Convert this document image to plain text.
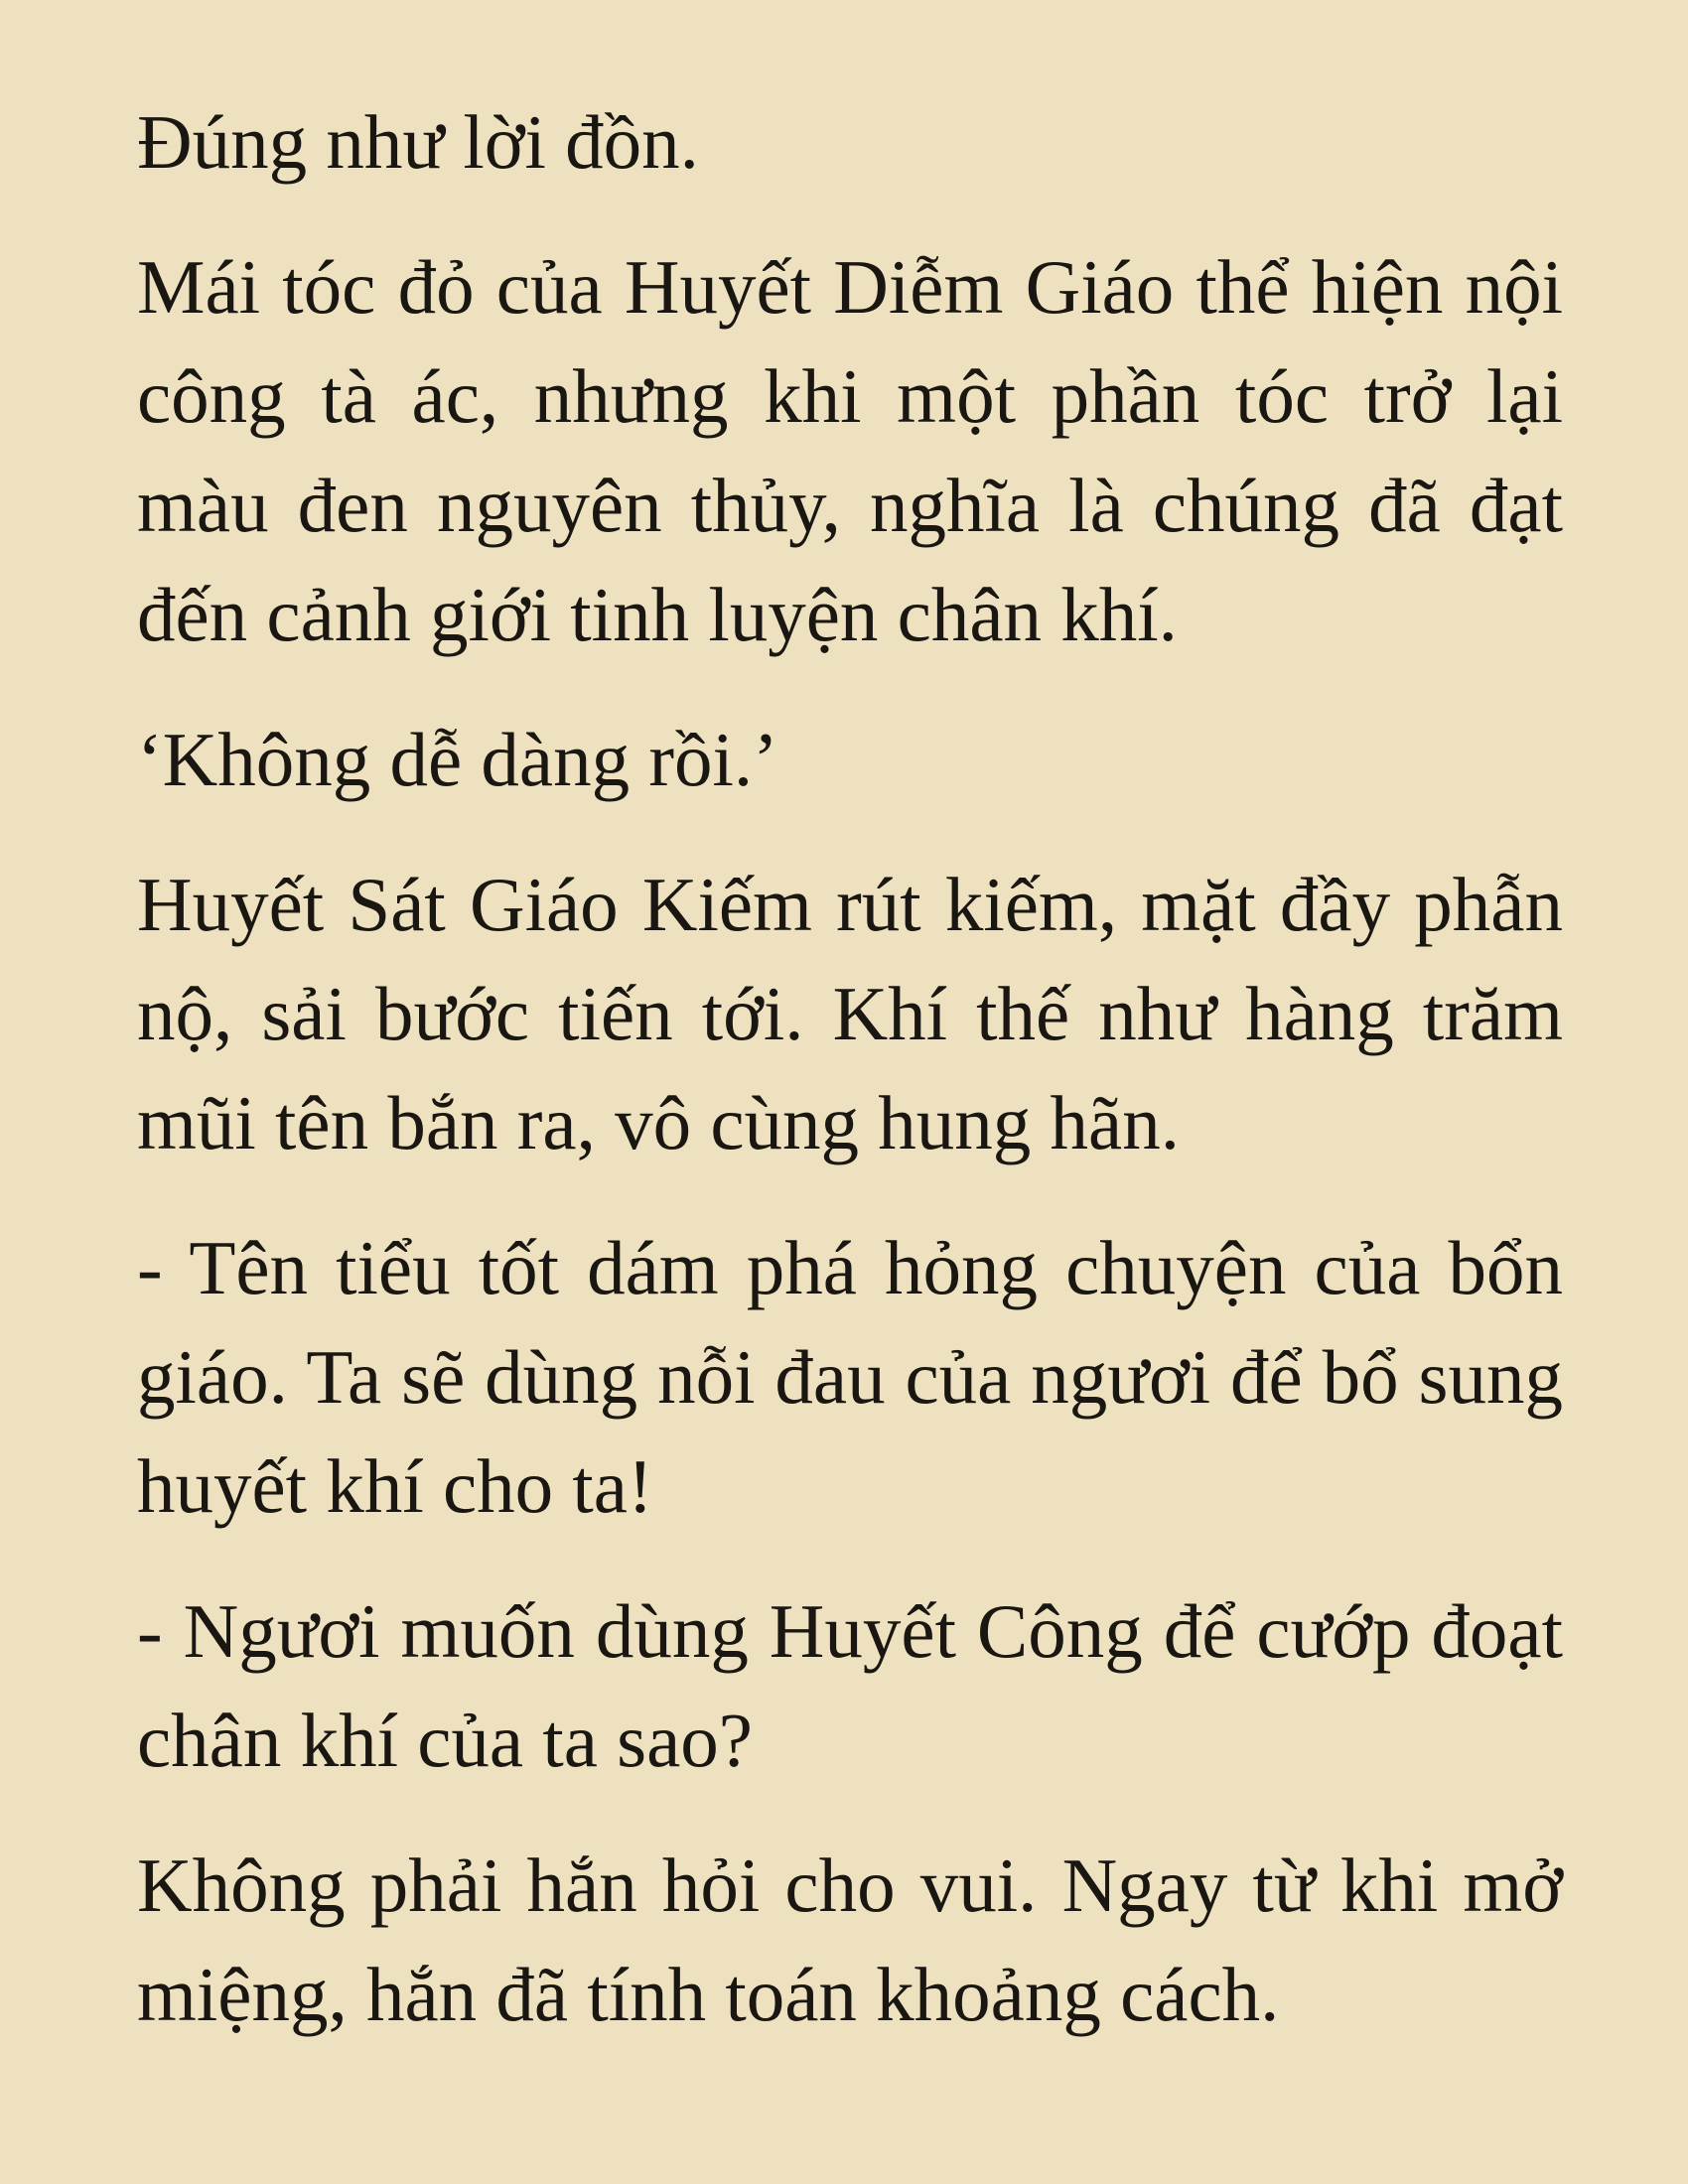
Đúng như lời đồn.

Mái tóc đỏ của Huyết Diễm Giáo thể hiện nội công tà ác, nhưng khi một phần tóc trở lại màu đen nguyên thủy, nghĩa là chúng đã đạt đến cảnh giới tinh luyện chân khí.

‘Không dễ dàng rồi.’

Huyết Sát Giáo Kiếm rút kiếm, mặt đầy phẫn nộ, sải bước tiến tới. Khí thế như hàng trăm mũi tên bắn ra, vô cùng hung hãn.

- Tên tiểu tốt dám phá hỏng chuyện của bổn giáo. Ta sẽ dùng nỗi đau của ngươi để bổ sung huyết khí cho ta!

- Ngươi muốn dùng Huyết Công để cướp đoạt chân khí của ta sao?

Không phải hắn hỏi cho vui. Ngay từ khi mở miệng, hắn đã tính toán khoảng cách.
